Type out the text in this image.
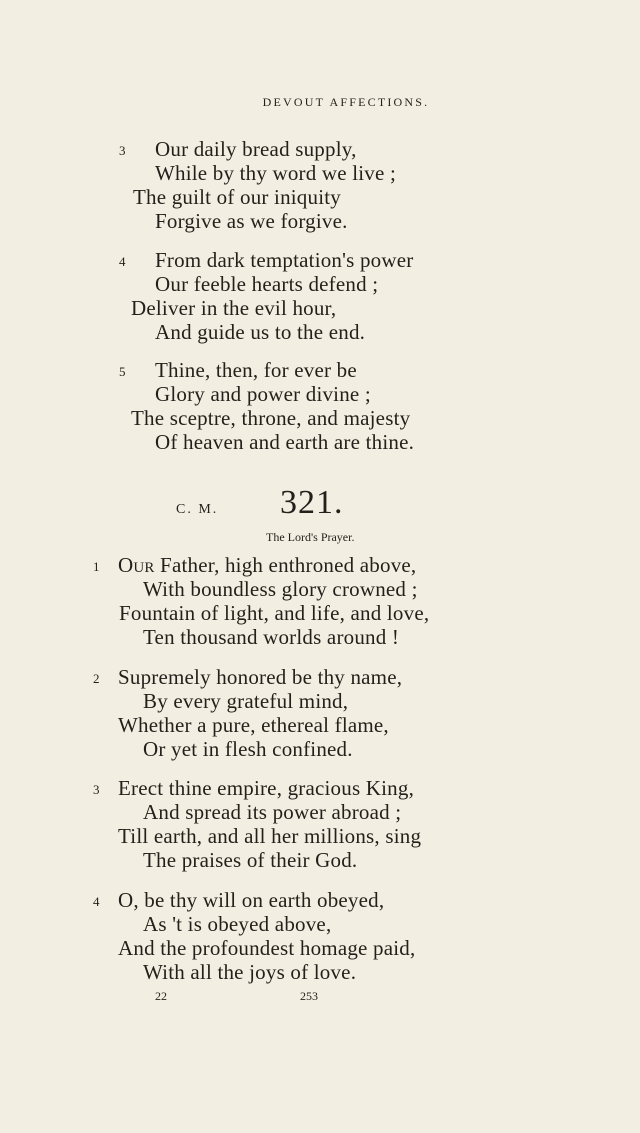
DEVOUT AFFECTIONS.
3 Our daily bread supply,
While by thy word we live ;
The guilt of our iniquity
Forgive as we forgive.
4 From dark temptation's power
Our feeble hearts defend ;
Deliver in the evil hour,
And guide us to the end.
5 Thine, then, for ever be
Glory and power divine ;
The sceptre, throne, and majesty
Of heaven and earth are thine.
C. M. 321.
The Lord's Prayer.
1 Our Father, high enthroned above,
With boundless glory crowned ;
Fountain of light, and life, and love,
Ten thousand worlds around !
2 Supremely honored be thy name,
By every grateful mind,
Whether a pure, ethereal flame,
Or yet in flesh confined.
3 Erect thine empire, gracious King,
And spread its power abroad ;
Till earth, and all her millions, sing
The praises of their God.
4 O, be thy will on earth obeyed,
As 't is obeyed above,
And the profoundest homage paid,
With all the joys of love.
22	253
